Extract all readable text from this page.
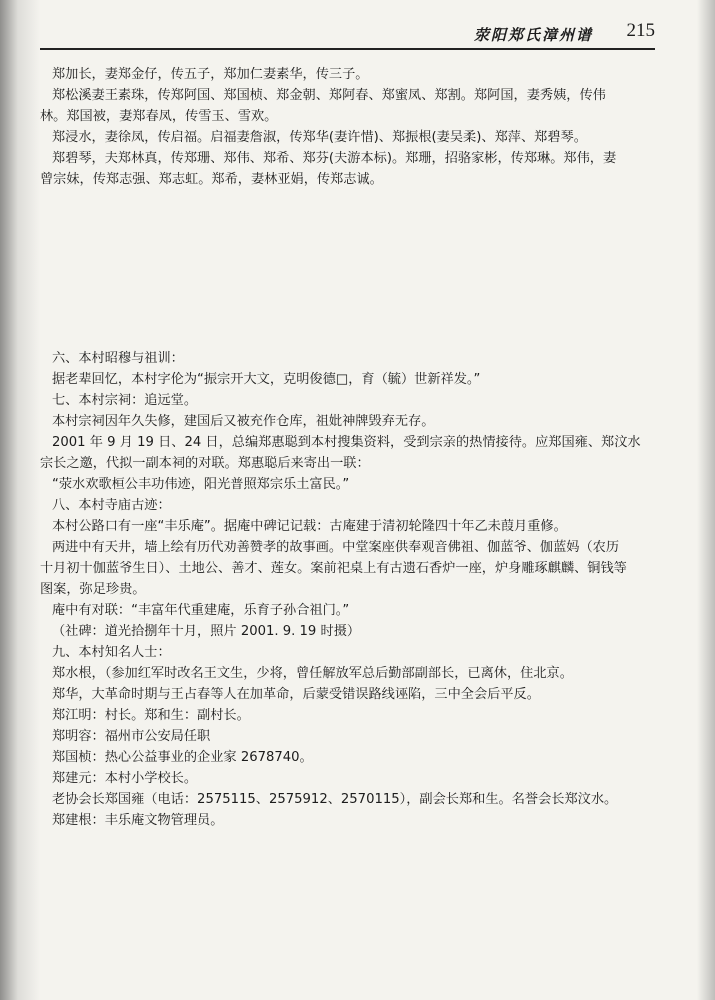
荥阳郑氏漳州谱 215
郑加长，妻郑金仔，传五子，郑加仁妻素华，传三子。
郑松溪妻王素珠，传郑阿国、郑国桢、郑金朝、郑阿春、郑蜜凤、郑割。郑阿国，妻秀姨，传伟
林。郑国被，妻郑春凤，传雪玉、雪欢。
郑浸水，妻徐凤，传启福。启福妻詹淑，传郑华(妻许惜)、郑振根(妻吴柔)、郑萍、郑碧琴。
郑碧琴，夫郑林真，传郑珊、郑伟、郑希、郑芬(夫游本标)。郑珊，招骆家彬，传郑琳。郑伟，妻
曾宗妹，传郑志强、郑志虹。郑希，妻林亚娟，传郑志诚。
六、本村昭穆与祖训：
据老辈回忆，本村字伦为“振宗开大文，克明俊德□，育（毓）世新祥发。”
七、本村宗祠：追远堂。
本村宗祠因年久失修，建国后又被充作仓库，祖妣神牌毁弃无存。
2001 年 9 月 19 日、24 日，总编郑惠聪到本村搜集资料，受到宗亲的热情接待。应郑国雍、郑汶水
宗长之邀，代拟一副本祠的对联。郑惠聪后来寄出一联：
“荥水欢歌桓公丰功伟迹，阳光普照郑宗乐土富民。”
八、本村寺庙古迹：
本村公路口有一座“丰乐庵”。据庵中碑记记载：古庵建于清初轮隆四十年乙未葭月重修。
两进中有天井，墙上绘有历代劝善赞孝的故事画。中堂案座供奉观音佛祖、伽蓝爷、伽蓝妈（农历
十月初十伽蓝爷生日）、土地公、善才、莲女。案前祀桌上有古遗石香炉一座，炉身雕琢麒麟、铜钱等
图案，弥足珍贵。
庵中有对联：“丰富年代重建庵，乐育子孙合祖门。”
（社碑：道光拾捌年十月，照片 2001. 9. 19 时摄）
九、本村知名人士：
郑水根，（参加红军时改名王文生，少将，曾任解放军总后勤部副部长，已离休，住北京。
郑华，大革命时期与王占春等人在加革命，后蒙受错误路线诬陷，三中全会后平反。
郑江明：村长。郑和生：副村长。
郑明容：福州市公安局任职
郑国桢：热心公益事业的企业家 2678740。
郑建元：本村小学校长。
老协会长郑国雍（电话：2575115、2575912、2570115），副会长郑和生。名誉会长郑汶水。
郑建根：丰乐庵文物管理员。
